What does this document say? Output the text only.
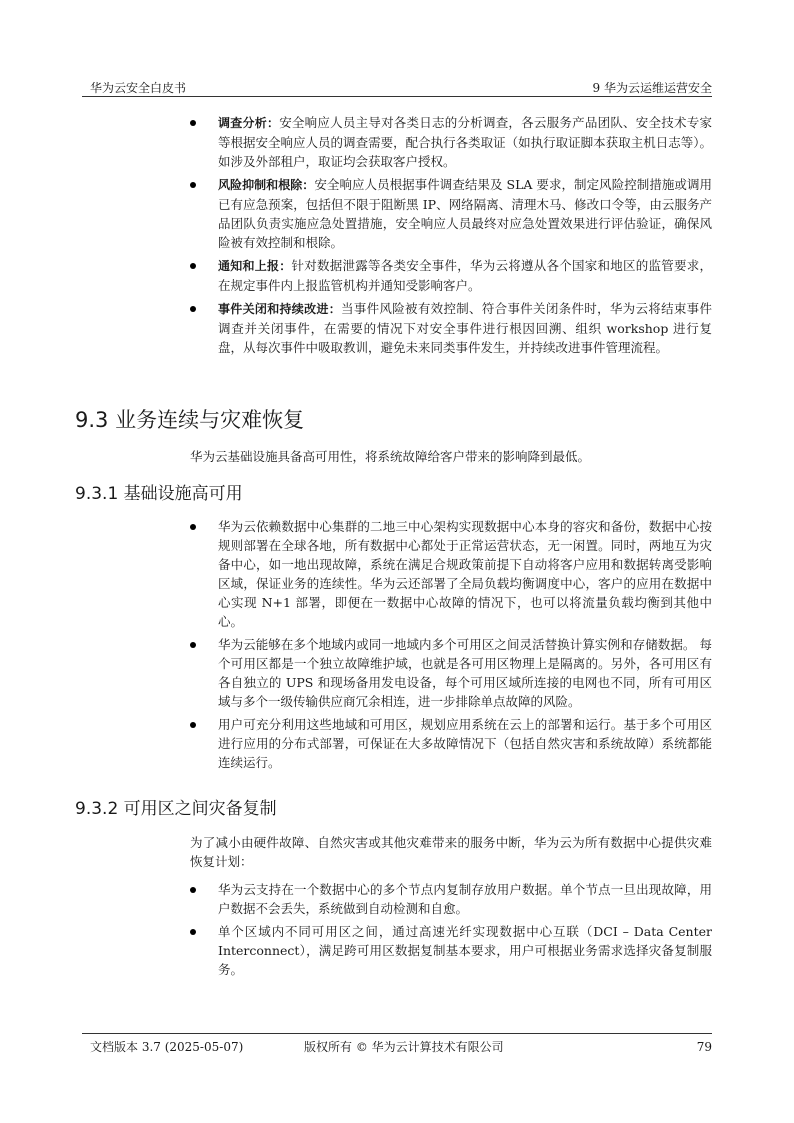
华为云安全白皮书	9 华为云运维运营安全
调查分析：安全响应人员主导对各类日志的分析调查，各云服务产品团队、安全技术专家等根据安全响应人员的调查需要，配合执行各类取证（如执行取证脚本获取主机日志等）。如涉及外部租户，取证均会获取客户授权。
风险抑制和根除：安全响应人员根据事件调查结果及 SLA 要求，制定风险控制措施或调用已有应急预案，包括但不限于阻断黑 IP、网络隔离、清理木马、修改口令等，由云服务产品团队负责实施应急处置措施，安全响应人员最终对应急处置效果进行评估验证，确保风险被有效控制和根除。
通知和上报：针对数据泄露等各类安全事件，华为云将遵从各个国家和地区的监管要求，在规定事件内上报监管机构并通知受影响客户。
事件关闭和持续改进：当事件风险被有效控制、符合事件关闭条件时，华为云将结束事件调查并关闭事件，在需要的情况下对安全事件进行根因回溯、组织 workshop 进行复盘，从每次事件中吸取教训，避免未来同类事件发生，并持续改进事件管理流程。
9.3 业务连续与灾难恢复

华为云基础设施具备高可用性，将系统故障给客户带来的影响降到最低。

9.3.1 基础设施高可用
华为云依赖数据中心集群的二地三中心架构实现数据中心本身的容灾和备份，数据中心按规则部署在全球各地，所有数据中心都处于正常运营状态，无一闲置。同时，两地互为灾备中心，如一地出现故障，系统在满足合规政策前提下自动将客户应用和数据转离受影响区域，保证业务的连续性。华为云还部署了全局负载均衡调度中心，客户的应用在数据中心实现 N+1 部署，即便在一数据中心故障的情况下，也可以将流量负载均衡到其他中心。
华为云能够在多个地域内或同一地域内多个可用区之间灵活替换计算实例和存储数据。 每个可用区都是一个独立故障维护域，也就是各可用区物理上是隔离的。另外，各可用区有各自独立的 UPS 和现场备用发电设备，每个可用区域所连接的电网也不同，所有可用区域与多个一级传输供应商冗余相连，进一步排除单点故障的风险。
用户可充分利用这些地域和可用区，规划应用系统在云上的部署和运行。基于多个可用区进行应用的分布式部署，可保证在大多故障情况下（包括自然灾害和系统故障）系统都能连续运行。
9.3.2 可用区之间灾备复制

为了减小由硬件故障、自然灾害或其他灾难带来的服务中断，华为云为所有数据中心提供灾难恢复计划：

华为云支持在一个数据中心的多个节点内复制存放用户数据。单个节点一旦出现故障，用户数据不会丢失，系统做到自动检测和自愈。
单个区域内不同可用区之间，通过高速光纤实现数据中心互联（DCI – Data Center Interconnect），满足跨可用区数据复制基本要求，用户可根据业务需求选择灾备复制服务。
文档版本 3.7 (2025-05-07)	版权所有 © 华为云计算技术有限公司	79
